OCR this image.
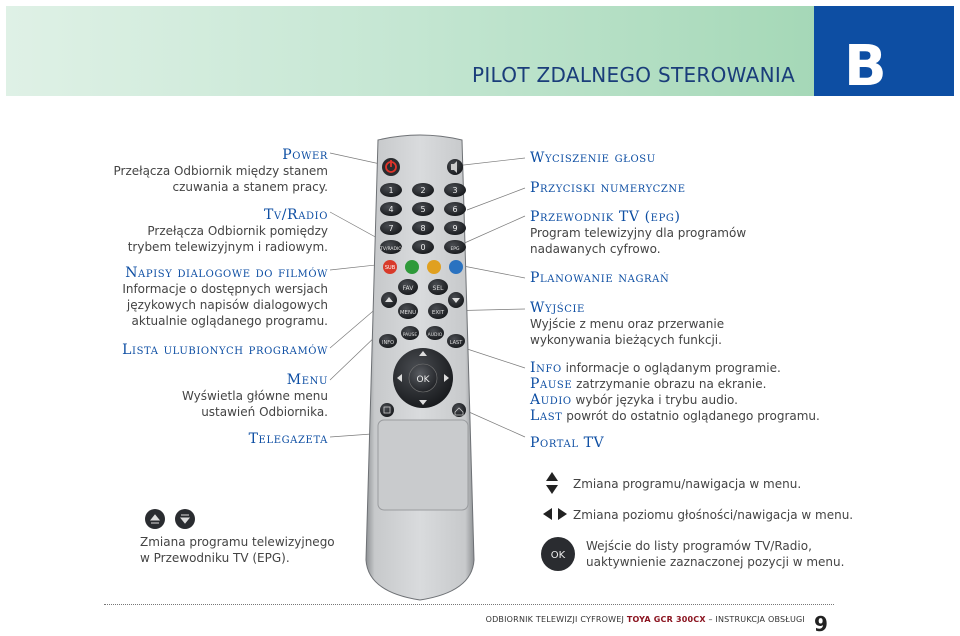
PILOT ZDALNEGO STEROWANIA B
1	2	3
4	5	6
7	8	9
TV/RADIO 0	EPG
SUB
FAV	SEL
MENU	EXIT
INFO
PAUSE AUDIO
LAST
OK
Power
Przełącza Odbiornik między stanem
czuwania a stanem pracy.
Tv/Radio
Przełącza Odbiornik pomiędzy
trybem telewizyjnym i radiowym.
Napisy dialogowe do filmów
Informacje o dostępnych wersjach
językowych napisów dialogowych
aktualnie oglądanego programu.
Lista ulubionych programów
Menu
Wyświetla główne menu
ustawień Odbiornika.
Telegazeta
Wyciszenie głosu
Przyciski numeryczne
Przewodnik TV (epg)
Program telewizyjny dla programów
nadawanych cyfrowo.
Planowanie nagrań
Wyjście
Wyjście z menu oraz przerwanie
wykonywania bieżących funkcji.
Info informacje o oglądanym programie.
Pause zatrzymanie obrazu na ekranie.
Audio wybór języka i trybu audio.
Last powrót do ostatnio oglądanego programu.
Portal TV
Zmiana programu/nawigacja w menu.
Zmiana poziomu głośności/nawigacja w menu.
OK
Wejście do listy programów TV/Radio,
uaktywnienie zaznaczonej pozycji w menu.
Zmiana programu telewizyjnego
w Przewodniku TV (EPG).
ODBIORNIK TELEWIZJI CYFROWEJ TOYA GCR 300CX – INSTRUKCJA OBSŁUGI 9
